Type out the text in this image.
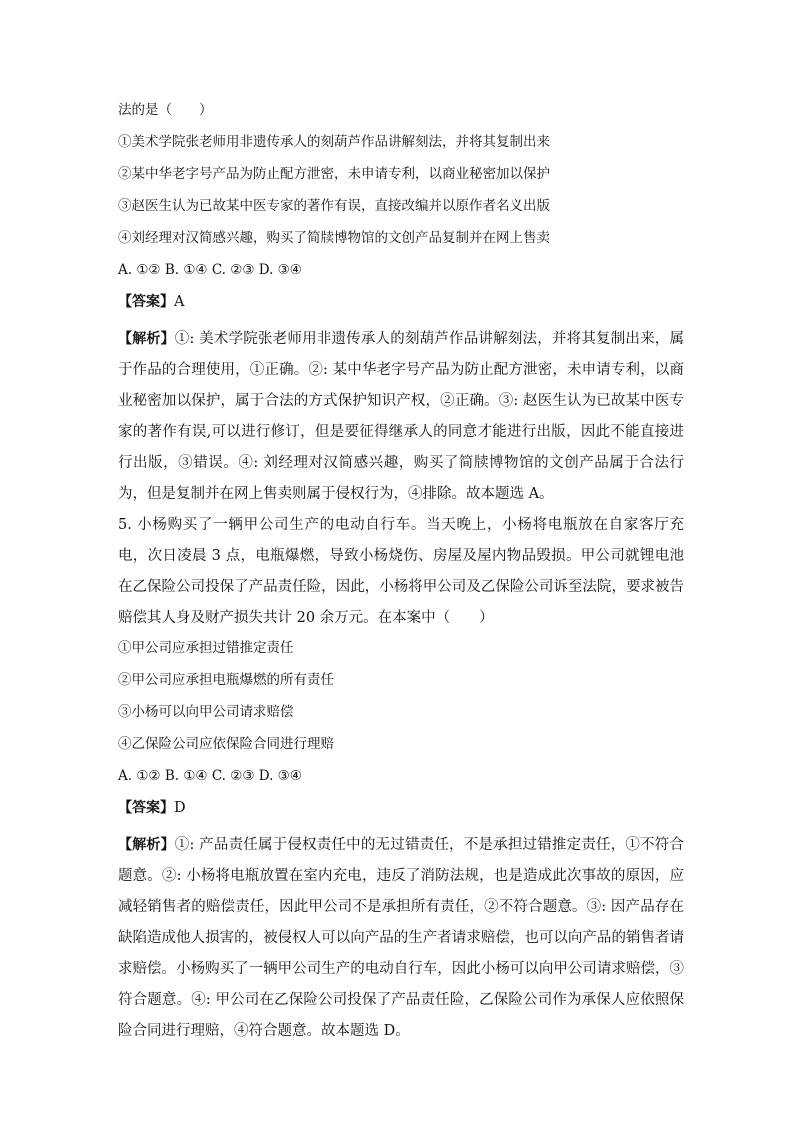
法的是（　　）
①美术学院张老师用非遗传承人的刻葫芦作品讲解刻法，并将其复制出来
②某中华老字号产品为防止配方泄密，未申请专利，以商业秘密加以保护
③赵医生认为已故某中医专家的著作有误，直接改编并以原作者名义出版
④刘经理对汉简感兴趣，购买了简牍博物馆的文创产品复制并在网上售卖
A. ①② B. ①④ C. ②③ D. ③④
【答案】A
【解析】①: 美术学院张老师用非遗传承人的刻葫芦作品讲解刻法，并将其复制出来，属于作品的合理使用，①正确。②: 某中华老字号产品为防止配方泄密，未申请专利，以商业秘密加以保护，属于合法的方式保护知识产权，②正确。③: 赵医生认为已故某中医专家的著作有误,可以进行修订，但是要征得继承人的同意才能进行出版，因此不能直接进行出版，③错误。④: 刘经理对汉简感兴趣，购买了简牍博物馆的文创产品属于合法行为，但是复制并在网上售卖则属于侵权行为，④排除。故本题选 A。
5. 小杨购买了一辆甲公司生产的电动自行车。当天晚上，小杨将电瓶放在自家客厅充电，次日凌晨 3 点，电瓶爆燃，导致小杨烧伤、房屋及屋内物品毁损。甲公司就锂电池在乙保险公司投保了产品责任险，因此，小杨将甲公司及乙保险公司诉至法院，要求被告赔偿其人身及财产损失共计 20 余万元。在本案中（　　）
①甲公司应承担过错推定责任
②甲公司应承担电瓶爆燃的所有责任
③小杨可以向甲公司请求赔偿
④乙保险公司应依保险合同进行理赔
A. ①② B. ①④ C. ②③ D. ③④
【答案】D
【解析】①: 产品责任属于侵权责任中的无过错责任，不是承担过错推定责任，①不符合题意。②: 小杨将电瓶放置在室内充电，违反了消防法规，也是造成此次事故的原因，应减轻销售者的赔偿责任，因此甲公司不是承担所有责任，②不符合题意。③: 因产品存在缺陷造成他人损害的，被侵权人可以向产品的生产者请求赔偿，也可以向产品的销售者请求赔偿。小杨购买了一辆甲公司生产的电动自行车，因此小杨可以向甲公司请求赔偿，③符合题意。④: 甲公司在乙保险公司投保了产品责任险，乙保险公司作为承保人应依照保险合同进行理赔，④符合题意。故本题选 D。
